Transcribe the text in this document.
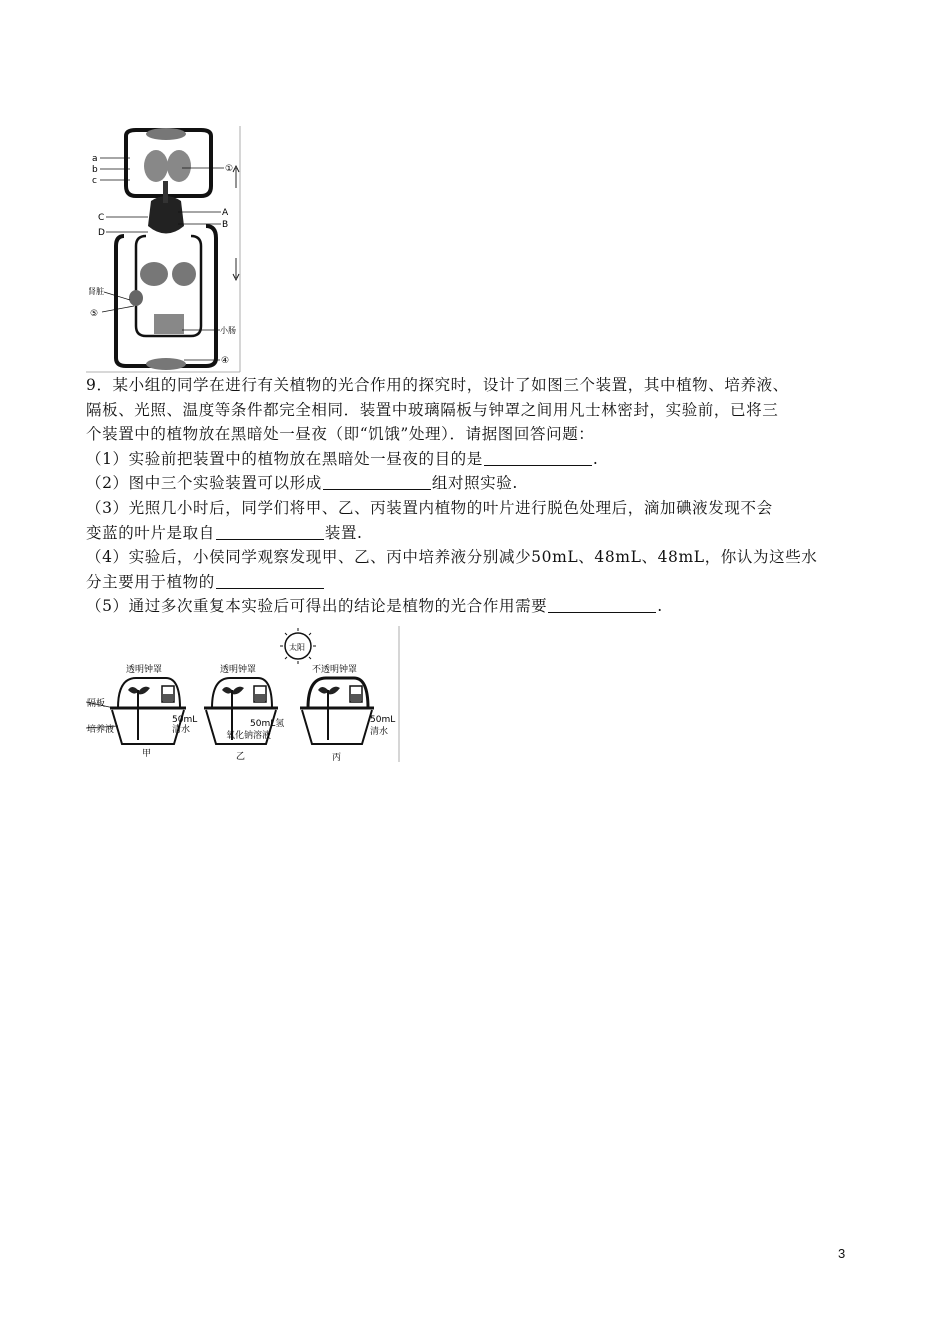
a
b
c
C
D
肾脏
⑤
①
A
B
小肠
④

9．某小组的同学在进行有关植物的光合作用的探究时，设计了如图三个装置，其中植物、培养液、

隔板、光照、温度等条件都完全相同．装置中玻璃隔板与钟罩之间用凡士林密封，实验前，已将三

个装置中的植物放在黑暗处一昼夜（即“饥饿”处理）．请据图回答问题：

（1）实验前把装置中的植物放在黑暗处一昼夜的目的是	.

（2）图中三个实验装置可以形成	组对照实验.

（3）光照几小时后，同学们将甲、乙、丙装置内植物的叶片进行脱色处理后，滴加碘液发现不会

变蓝的叶片是取自	装置.

（4）实验后，小侯同学观察发现甲、乙、丙中培养液分别减少50mL、48mL、48mL，你认为这些水

分主要用于植物的

（5）通过多次重复本实验后可得出的结论是植物的光合作用需要	.

太阳
透明钟罩	透明钟罩	不透明钟罩
隔板
培养液
50mL
清水
50mL氢
氧化钠溶液
50mL
清水
甲	乙	丙
3
